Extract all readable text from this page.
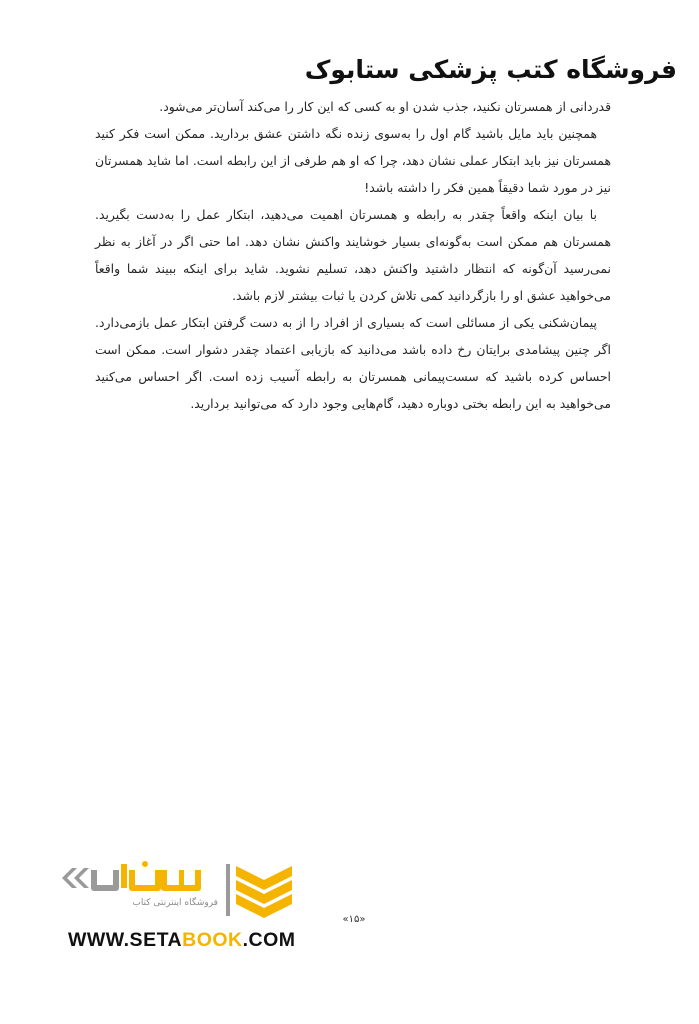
فروشگاه کتب پزشکی ستابوک

قدردانی از همسرتان نکنید، جذب شدن او به کسی که این کار را می‌کند آسان‌تر می‌شود.

همچنین باید مایل باشید گام اول را به‌سوی زنده نگه داشتن عشق بردارید. ممکن است فکر کنید همسرتان نیز باید ابتکار عملی نشان دهد، چرا که او هم طرفی از این رابطه است. اما شاید همسرتان نیز در مورد شما دقیقاً همین فکر را داشته باشد!

با بیان اینکه واقعاً چقدر به رابطه و همسرتان اهمیت می‌دهید، ابتکار عمل را به‌دست بگیرید. همسرتان هم ممکن است به‌گونه‌ای بسیار خوشایند واکنش نشان دهد. اما حتی اگر در آغاز به نظر نمی‌رسید آن‌گونه که انتظار داشتید واکنش دهد، تسلیم نشوید. شاید برای اینکه ببیند شما واقعاً می‌خواهید عشق او را بازگردانید کمی تلاش کردن یا ثبات بیشتر لازم باشد.

پیمان‌شکنی یکی از مسائلی است که بسیاری از افراد را از به دست گرفتن ابتکار عمل بازمی‌دارد. اگر چنین پیشامدی برایتان رخ داده باشد می‌دانید که بازیابی اعتماد چقدر دشوار است. ممکن است احساس کرده باشید که سست‌پیمانی همسرتان به رابطه آسیب زده است. اگر احساس می‌کنید می‌خواهید به این رابطه بختی دوباره دهید، گام‌هایی وجود دارد که می‌توانید بردارید.

فروشگاه اینترنتی کتاب
WWW.SETABOOK.COM
«۱۵»
